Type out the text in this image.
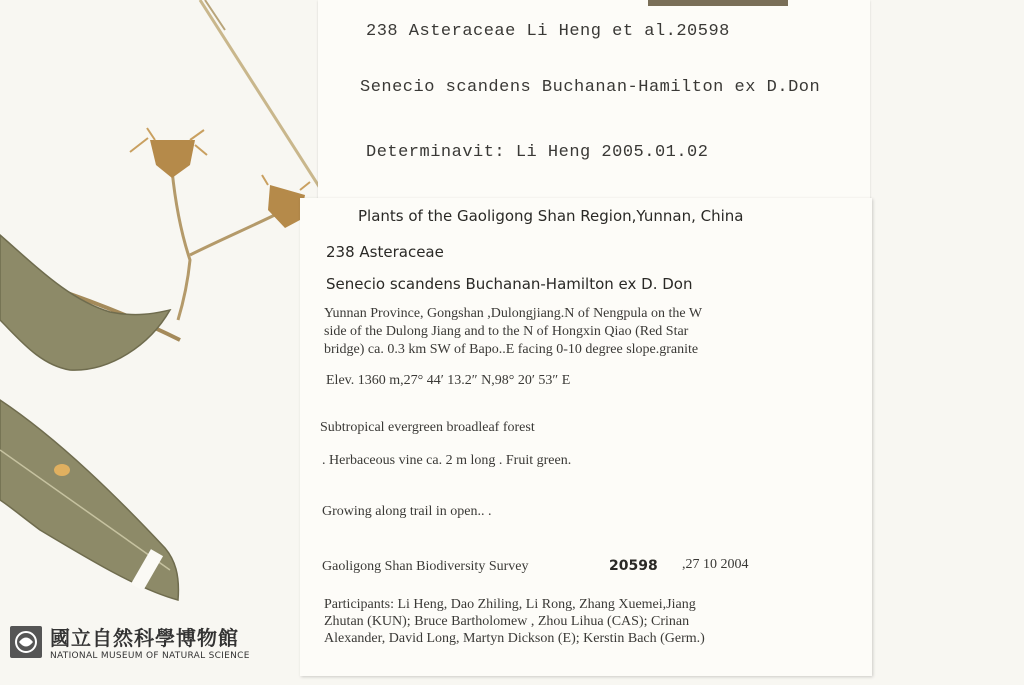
238 Asteraceae Li Heng et al.20598
Senecio scandens Buchanan-Hamilton ex D.Don
Determinavit: Li Heng 2005.01.02
Plants of the Gaoligong Shan Region,Yunnan, China
238 Asteraceae
Senecio scandens Buchanan-Hamilton ex D. Don
Yunnan Province, Gongshan ,Dulongjiang.N of Nengpula on the W
side of the Dulong Jiang and to the N of Hongxin Qiao (Red Star
bridge) ca. 0.3 km SW of Bapo..E facing 0-10 degree slope.granite
Elev. 1360 m,27° 44′ 13.2″ N,98° 20′ 53″ E
Subtropical evergreen broadleaf forest
. Herbaceous vine ca. 2 m long . Fruit green.
Growing along trail in open.. .
Gaoligong Shan Biodiversity Survey	20598 ,27 10 2004
Participants: Li Heng, Dao Zhiling, Li Rong, Zhang Xuemei,Jiang
Zhutan (KUN); Bruce Bartholomew , Zhou Lihua (CAS); Crinan
Alexander, David Long, Martyn Dickson (E); Kerstin Bach (Germ.)
國立自然科學博物館
NATIONAL MUSEUM OF NATURAL SCIENCE
